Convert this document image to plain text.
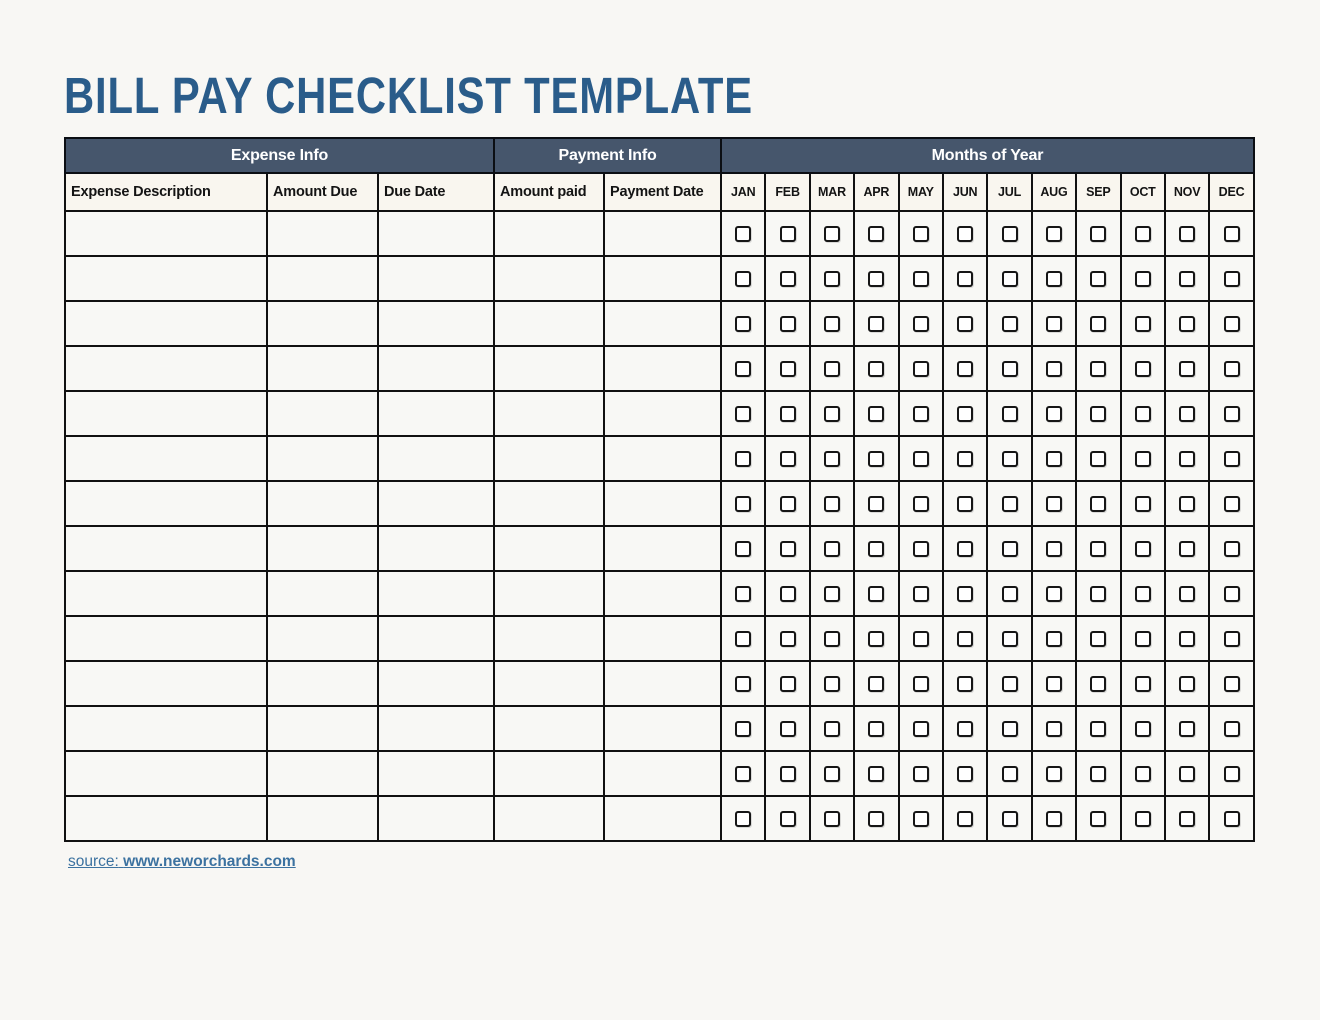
BILL PAY CHECKLIST TEMPLATE
Expense Info			Payment Info		Months of Year											
Expense Description	Amount Due	Due Date	Amount paid	Payment Date	JAN	FEB	MAR	APR	MAY	JUN	JUL	AUG	SEP	OCT	NOV	DEC

source: www.neworchards.com
